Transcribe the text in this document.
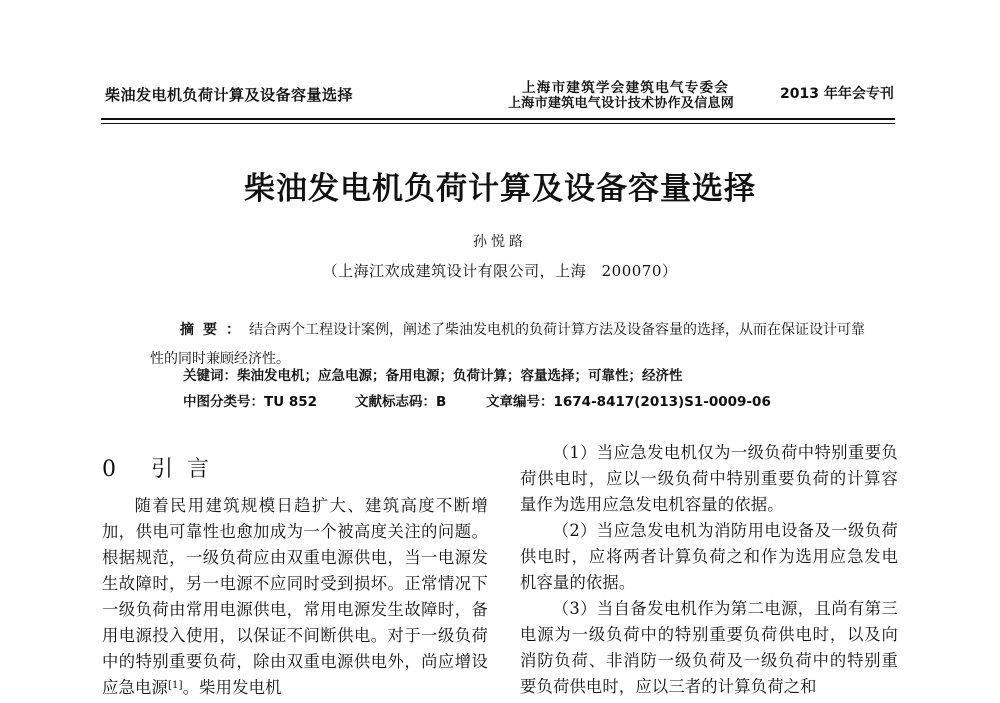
柴油发电机负荷计算及设备容量选择	上海市建筑学会建筑电气专委会
上海市建筑电气设计技术协作及信息网
2013 年年会专刊
柴油发电机负荷计算及设备容量选择
孙悦路
（上海江欢成建筑设计有限公司，上海　200070）
摘要：结合两个工程设计案例，阐述了柴油发电机的负荷计算方法及设备容量的选择，从而在保证设计可靠性的同时兼顾经济性。
关键词：柴油发电机；应急电源；备用电源；负荷计算；容量选择；可靠性；经济性
中图分类号：TU 852	文献标志码：B	文章编号：1674-8417(2013)S1-0009-06
0 引言

随着民用建筑规模日趋扩大、建筑高度不断增加，供电可靠性也愈加成为一个被高度关注的问题。根据规范，一级负荷应由双重电源供电，当一电源发生故障时，另一电源不应同时受到损坏。正常情况下一级负荷由常用电源供电，常用电源发生故障时，备用电源投入使用，以保证不间断供电。对于一级负荷中的特别重要负荷，除由双重电源供电外，尚应增设应急电源[1]。柴用发电机

（1）当应急发电机仅为一级负荷中特别重要负荷供电时，应以一级负荷中特别重要负荷的计算容量作为选用应急发电机容量的依据。

（2）当应急发电机为消防用电设备及一级负荷供电时，应将两者计算负荷之和作为选用应急发电机容量的依据。

（3）当自备发电机作为第二电源，且尚有第三电源为一级负荷中的特别重要负荷供电时，以及向消防负荷、非消防一级负荷及一级负荷中的特别重要负荷供电时，应以三者的计算负荷之和
